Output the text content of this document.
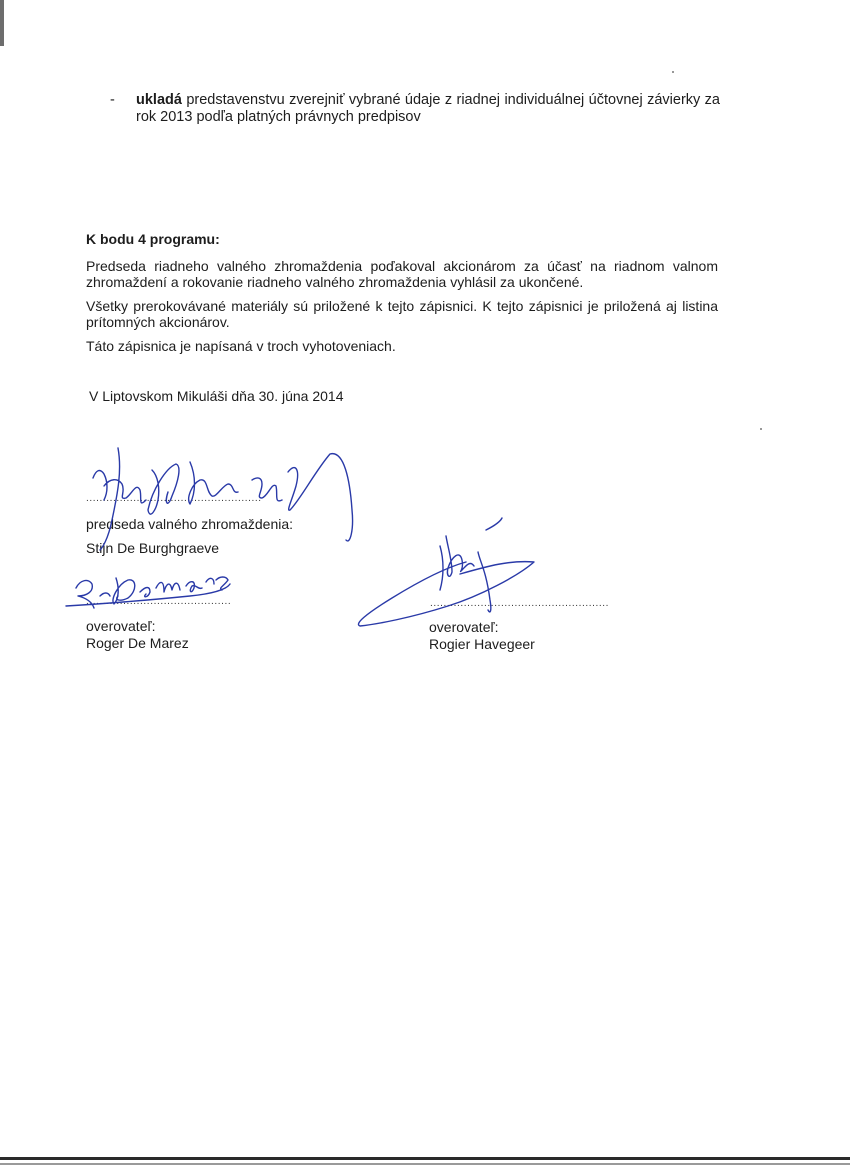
- ukladá predstavenstvu zverejniť vybrané údaje z riadnej individuálnej účtovnej závierky za rok 2013 podľa platných právnych predpisov
K bodu 4 programu:
Predseda riadneho valného zhromaždenia poďakoval akcionárom za účasť na riadnom valnom zhromaždení a rokovanie riadneho valného zhromaždenia vyhlásil za ukončené.
Všetky prerokovávané materiály sú priložené k tejto zápisnici. K tejto zápisnici je priložená aj listina prítomných akcionárov.
Táto zápisnica je napísaná v troch vyhotoveniach.
V Liptovskom Mikuláši dňa 30. júna 2014
....................................................
predseda valného zhromaždenia:
Stijn De Burghgraeve
...........................................
overovateľ:
Roger De Marez
.....................................................
overovateľ:
Rogier Havegeer
